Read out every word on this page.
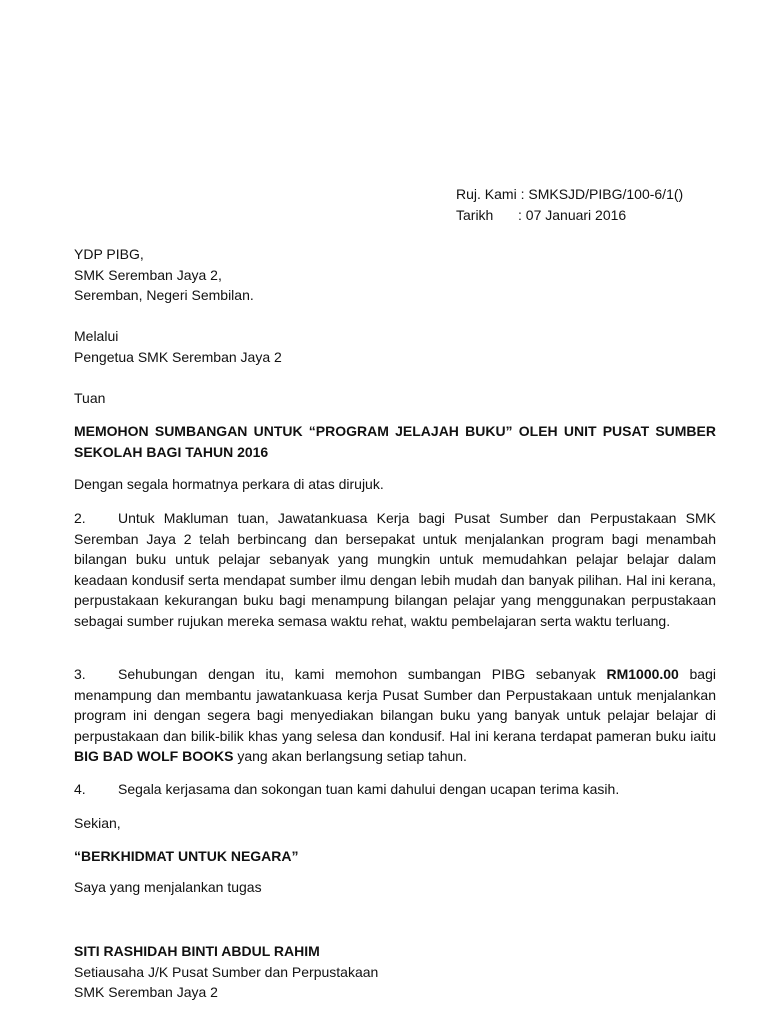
Ruj. Kami : SMKSJD/PIBG/100-6/1()
Tarikh : 07 Januari 2016
YDP PIBG,
SMK Seremban Jaya 2,
Seremban, Negeri Sembilan.
Melalui
Pengetua SMK Seremban Jaya 2
Tuan
MEMOHON SUMBANGAN UNTUK “PROGRAM JELAJAH BUKU” OLEH UNIT PUSAT SUMBER SEKOLAH BAGI TAHUN 2016
Dengan segala hormatnya perkara di atas dirujuk.
2. Untuk Makluman tuan, Jawatankuasa Kerja bagi Pusat Sumber dan Perpustakaan SMK Seremban Jaya 2 telah berbincang dan bersepakat untuk menjalankan program bagi menambah bilangan buku untuk pelajar sebanyak yang mungkin untuk memudahkan pelajar belajar dalam keadaan kondusif serta mendapat sumber ilmu dengan lebih mudah dan banyak pilihan. Hal ini kerana, perpustakaan kekurangan buku bagi menampung bilangan pelajar yang menggunakan perpustakaan sebagai sumber rujukan mereka semasa waktu rehat, waktu pembelajaran serta waktu terluang.
3. Sehubungan dengan itu, kami memohon sumbangan PIBG sebanyak RM1000.00 bagi menampung dan membantu jawatankuasa kerja Pusat Sumber dan Perpustakaan untuk menjalankan program ini dengan segera bagi menyediakan bilangan buku yang banyak untuk pelajar belajar di perpustakaan dan bilik-bilik khas yang selesa dan kondusif. Hal ini kerana terdapat pameran buku iaitu BIG BAD WOLF BOOKS yang akan berlangsung setiap tahun.
4. Segala kerjasama dan sokongan tuan kami dahului dengan ucapan terima kasih.
Sekian,
“BERKHIDMAT UNTUK NEGARA”
Saya yang menjalankan tugas
SITI RASHIDAH BINTI ABDUL RAHIM
Setiausaha J/K Pusat Sumber dan Perpustakaan
SMK Seremban Jaya 2
